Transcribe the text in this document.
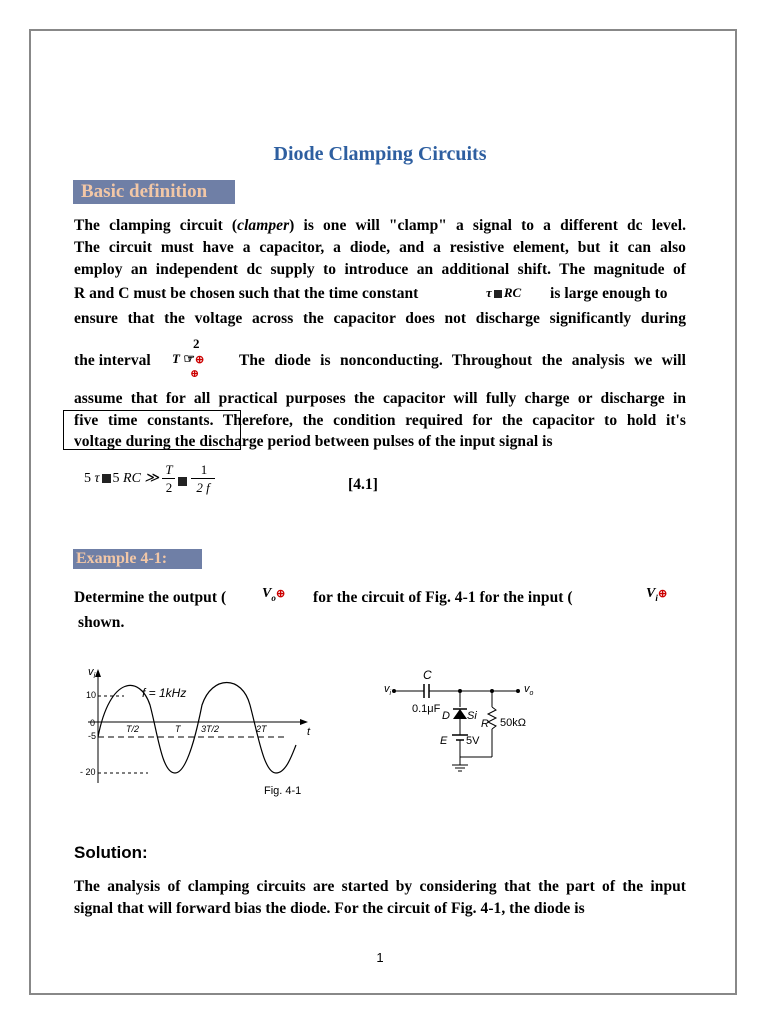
Diode Clamping Circuits
Basic definition
The clamping circuit (clamper) is one will "clamp" a signal to a different dc level.
The circuit must have a capacitor, a diode, and a resistive element, but it can also
employ an independent dc supply to introduce an additional shift. The magnitude of
R and C must be chosen such that the time constant	τ RC is large enough to
ensure that the voltage across the capacitor does not discharge significantly during
2
the interval T ☞⊕
⊕
The diode is nonconducting. Throughout the analysis we will
assume that for all practical purposes the capacitor will fully charge or discharge in
five time constants. Therefore, the condition required for the capacitor to hold it's
voltage during the discharge period between pulses of the input signal is
5 τ 5 RC ≫
T
2
1
2 f	[4.1]
Example 4-1:
Determine the output (	$V_o\oplus$ for the circuit of Fig. 4-1 for the input (	$V_i\oplus$
shown.
$v_i$
f = 1kHz
10
0
-5
- 20
T/2	T 3T/2	2T	t
Fig. 4-1
$v_i$	$v_o$
C
0.1μF
D Si
R 50kΩ
E 5V
Solution:
The analysis of clamping circuits are started by considering that the part of the input
signal that will forward bias the diode. For the circuit of Fig. 4-1, the diode is
1
